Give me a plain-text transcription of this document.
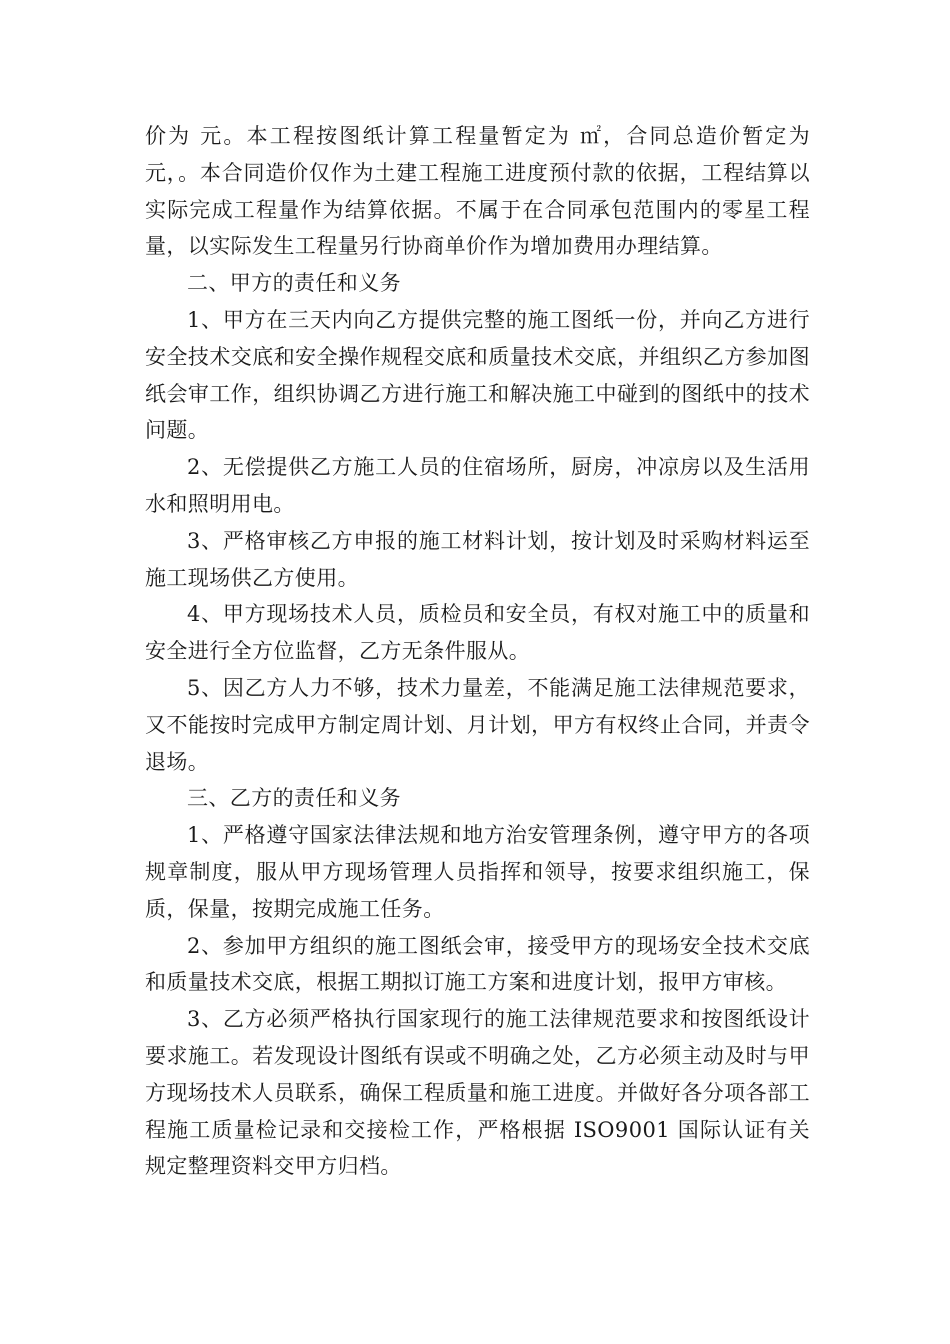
价为 元。本工程按图纸计算工程量暂定为 ㎡，合同总造价暂定为元，。本合同造价仅作为土建工程施工进度预付款的依据，工程结算以实际完成工程量作为结算依据。不属于在合同承包范围内的零星工程量，以实际发生工程量另行协商单价作为增加费用办理结算。

二、甲方的责任和义务

1、甲方在三天内向乙方提供完整的施工图纸一份，并向乙方进行安全技术交底和安全操作规程交底和质量技术交底，并组织乙方参加图纸会审工作，组织协调乙方进行施工和解决施工中碰到的图纸中的技术问题。

2、无偿提供乙方施工人员的住宿场所，厨房，冲凉房以及生活用水和照明用电。

3、严格审核乙方申报的施工材料计划，按计划及时采购材料运至施工现场供乙方使用。

4、甲方现场技术人员，质检员和安全员，有权对施工中的质量和安全进行全方位监督，乙方无条件服从。

5、因乙方人力不够，技术力量差，不能满足施工法律规范要求，又不能按时完成甲方制定周计划、月计划，甲方有权终止合同，并责令退场。

三、乙方的责任和义务

1、严格遵守国家法律法规和地方治安管理条例，遵守甲方的各项规章制度，服从甲方现场管理人员指挥和领导，按要求组织施工，保质，保量，按期完成施工任务。

2、参加甲方组织的施工图纸会审，接受甲方的现场安全技术交底和质量技术交底，根据工期拟订施工方案和进度计划，报甲方审核。

3、乙方必须严格执行国家现行的施工法律规范要求和按图纸设计要求施工。若发现设计图纸有误或不明确之处，乙方必须主动及时与甲方现场技术人员联系，确保工程质量和施工进度。并做好各分项各部工程施工质量检记录和交接检工作，严格根据 ISO9001 国际认证有关规定整理资料交甲方归档。
